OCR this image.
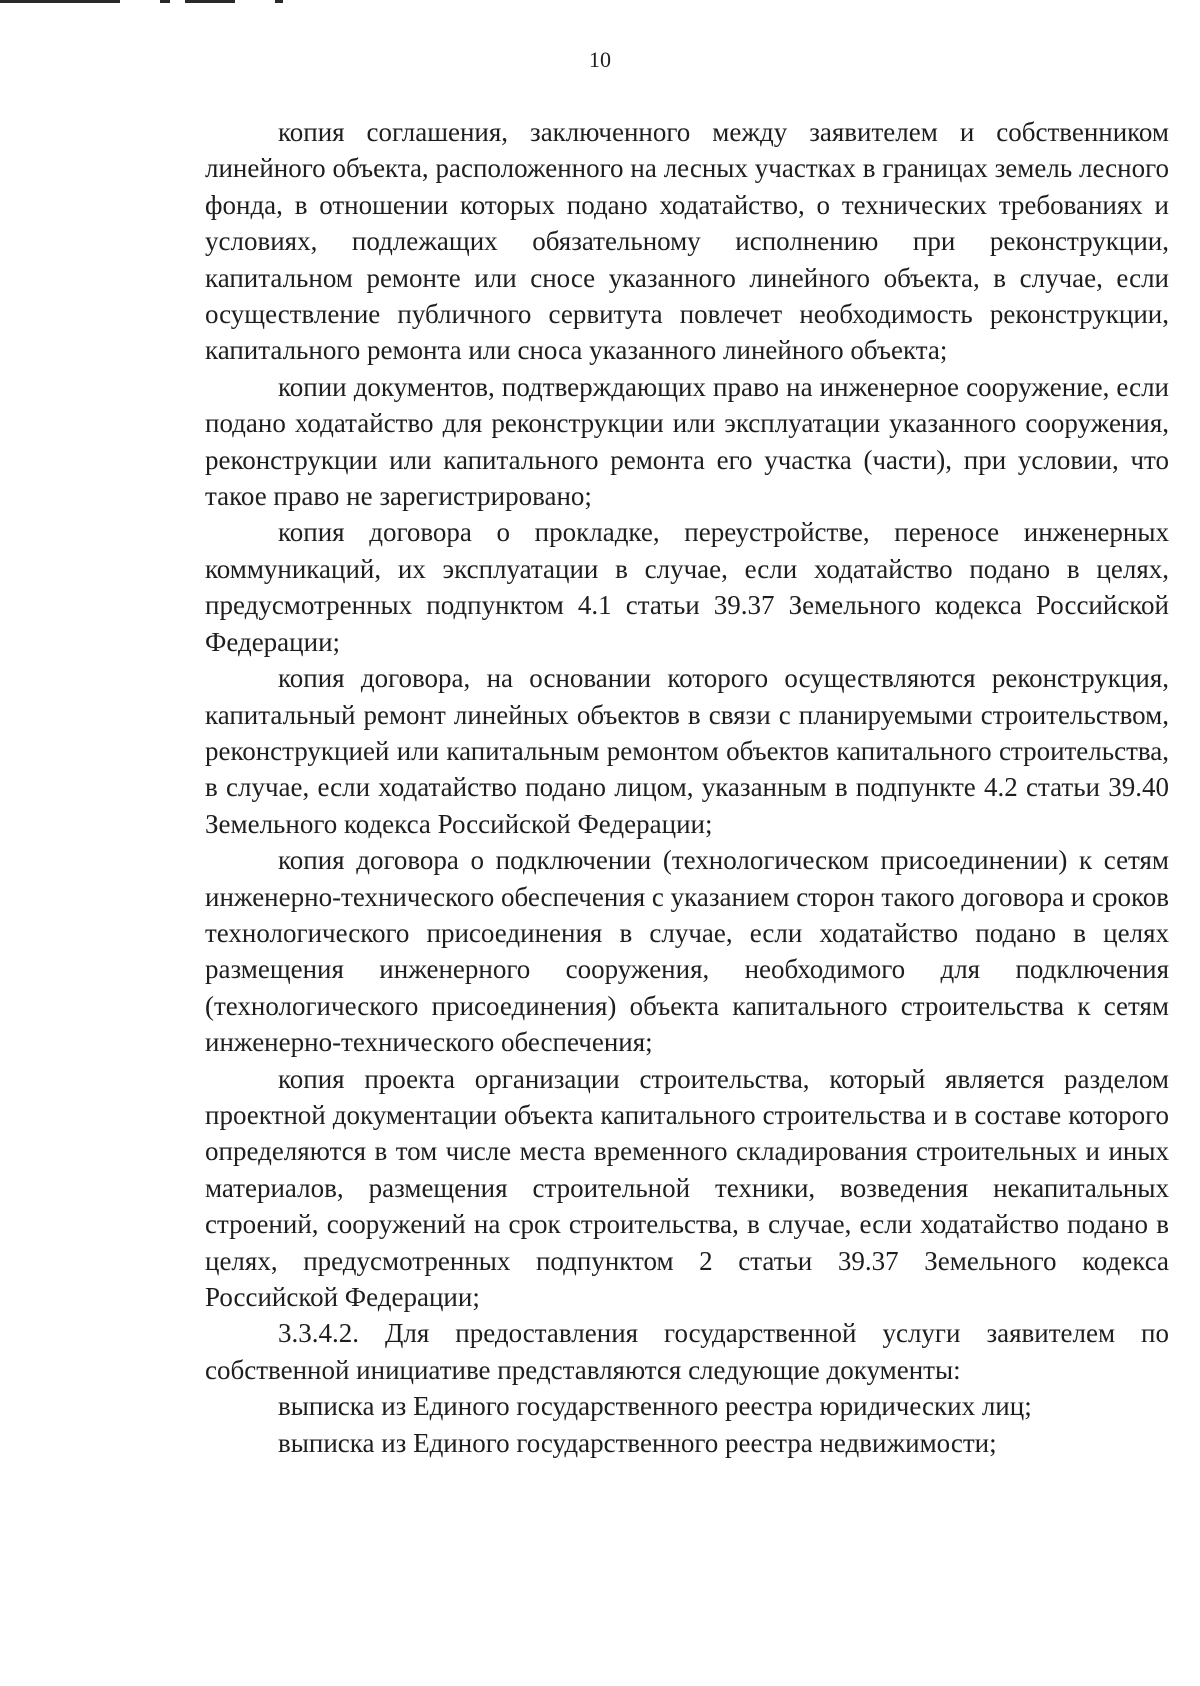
10

копия соглашения, заключенного между заявителем и собственником линейного объекта, расположенного на лесных участках в границах земель лесного фонда, в отношении которых подано ходатайство, о технических требованиях и условиях, подлежащих обязательному исполнению при реконструкции, капитальном ремонте или сносе указанного линейного объекта, в случае, если осуществление публичного сервитута повлечет необходимость реконструкции, капитального ремонта или сноса указанного линейного объекта;

копии документов, подтверждающих право на инженерное сооружение, если подано ходатайство для реконструкции или эксплуатации указанного сооружения, реконструкции или капитального ремонта его участка (части), при условии, что такое право не зарегистрировано;

копия договора о прокладке, переустройстве, переносе инженерных коммуникаций, их эксплуатации в случае, если ходатайство подано в целях, предусмотренных подпунктом 4.1 статьи 39.37 Земельного кодекса Российской Федерации;

копия договора, на основании которого осуществляются реконструкция, капитальный ремонт линейных объектов в связи с планируемыми строительством, реконструкцией или капитальным ремонтом объектов капитального строительства, в случае, если ходатайство подано лицом, указанным в подпункте 4.2 статьи 39.40 Земельного кодекса Российской Федерации;

копия договора о подключении (технологическом присоединении) к сетям инженерно-технического обеспечения с указанием сторон такого договора и сроков технологического присоединения в случае, если ходатайство подано в целях размещения инженерного сооружения, необходимого для подключения (технологического присоединения) объекта капитального строительства к сетям инженерно-технического обеспечения;

копия проекта организации строительства, который является разделом проектной документации объекта капитального строительства и в составе которого определяются в том числе места временного складирования строительных и иных материалов, размещения строительной техники, возведения некапитальных строений, сооружений на срок строительства, в случае, если ходатайство подано в целях, предусмотренных подпунктом 2 статьи 39.37 Земельного кодекса Российской Федерации;

3.3.4.2. Для предоставления государственной услуги заявителем по собственной инициативе представляются следующие документы:

выписка из Единого государственного реестра юридических лиц;

выписка из Единого государственного реестра недвижимости;
